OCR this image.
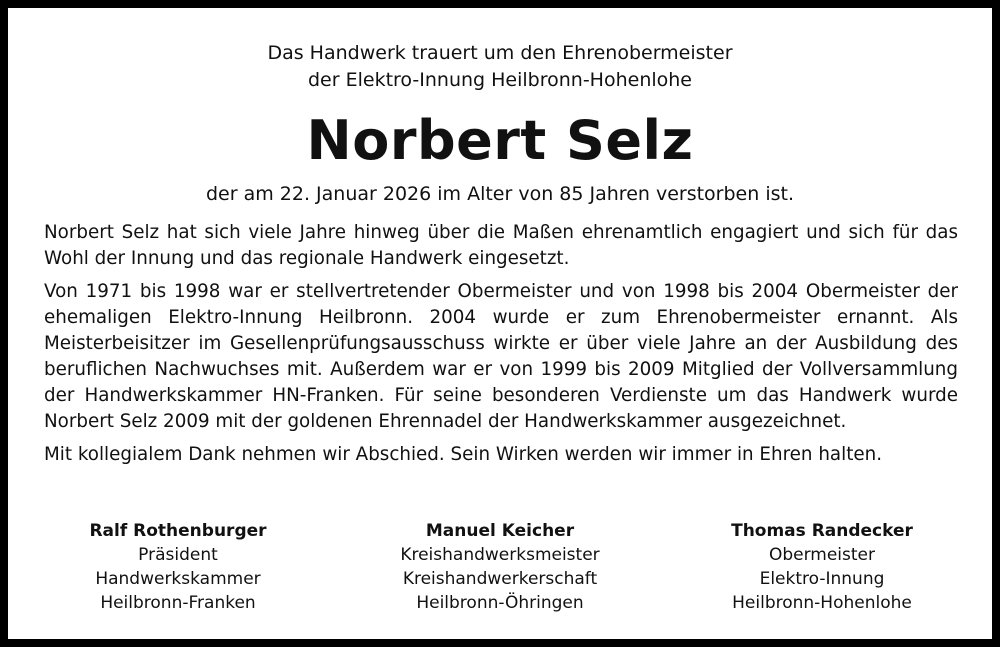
Das Handwerk trauert um den Ehrenobermeister
der Elektro-Innung Heilbronn-Hohenlohe
Norbert Selz
der am 22. Januar 2026 im Alter von 85 Jahren verstorben ist.

Norbert Selz hat sich viele Jahre hinweg über die Maßen ehrenamtlich engagiert und sich für das Wohl der Innung und das regionale Handwerk eingesetzt.

Von 1971 bis 1998 war er stellvertretender Obermeister und von 1998 bis 2004 Obermeister der ehemaligen Elektro-Innung Heilbronn. 2004 wurde er zum Ehrenobermeister ernannt. Als Meisterbeisitzer im Gesellenprüfungsausschuss wirkte er über viele Jahre an der Ausbildung des beruflichen Nachwuchses mit. Außerdem war er von 1999 bis 2009 Mitglied der Vollversammlung der Handwerkskammer HN-Franken. Für seine besonderen Verdienste um das Handwerk wurde Norbert Selz 2009 mit der goldenen Ehrennadel der Handwerkskammer ausgezeichnet.

Mit kollegialem Dank nehmen wir Abschied. Sein Wirken werden wir immer in Ehren halten.

Ralf Rothenburger
Präsident
Handwerkskammer
Heilbronn-Franken
Manuel Keicher
Kreishandwerksmeister
Kreishandwerkerschaft
Heilbronn-Öhringen
Thomas Randecker
Obermeister
Elektro-Innung
Heilbronn-Hohenlohe
